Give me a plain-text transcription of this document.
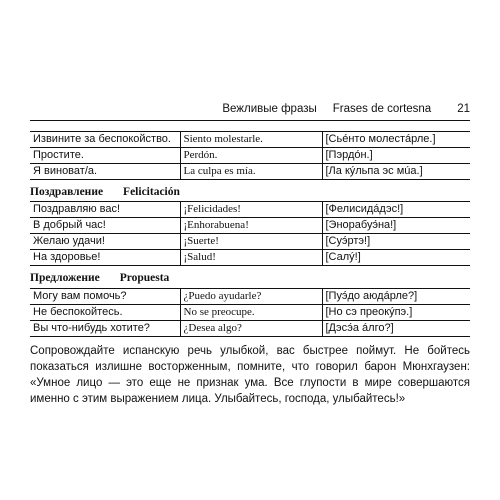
Вежливые фразы Frases de cortesna 21
Извините за беспокойство.	Siento molestarle.	[Сьéнто молестáрле.]
Простите.	Perdón.	[Пэрдóн.]
Я виноват/а.	La culpa es mía.	[Ла кýльпа эс мúа.]
Поздравление Felicitación
Поздравляю вас!	¡Felicidades!	[Фелисидáдэс!]
В добрый час!	¡Enhorabuena!	[Энорабуэ́на!]
Желаю удачи!	¡Suerte!	[Суэ́ртэ!]
На здоровье!	¡Salud!	[Салý!]
Предложение Propuesta
Могу вам помочь?	¿Puedo ayudarle?	[Пуэ́до аюдáрле?]
Не беспокойтесь.	No se preocupe.	[Но сэ преокýпэ.]
Вы что-нибудь хотите?	¿Desea algo?	[Дэсэ́а áлго?]

Сопровождайте испанскую речь улыбкой, вас быстрее поймут. Не бойтесь показаться излишне восторженным, помните, что говорил барон Мюнхгаузен: «Умное лицо — это еще не признак ума. Все глупости в мире совершаются именно с этим выражением лица. Улыбайтесь, господа, улыбайтесь!»
